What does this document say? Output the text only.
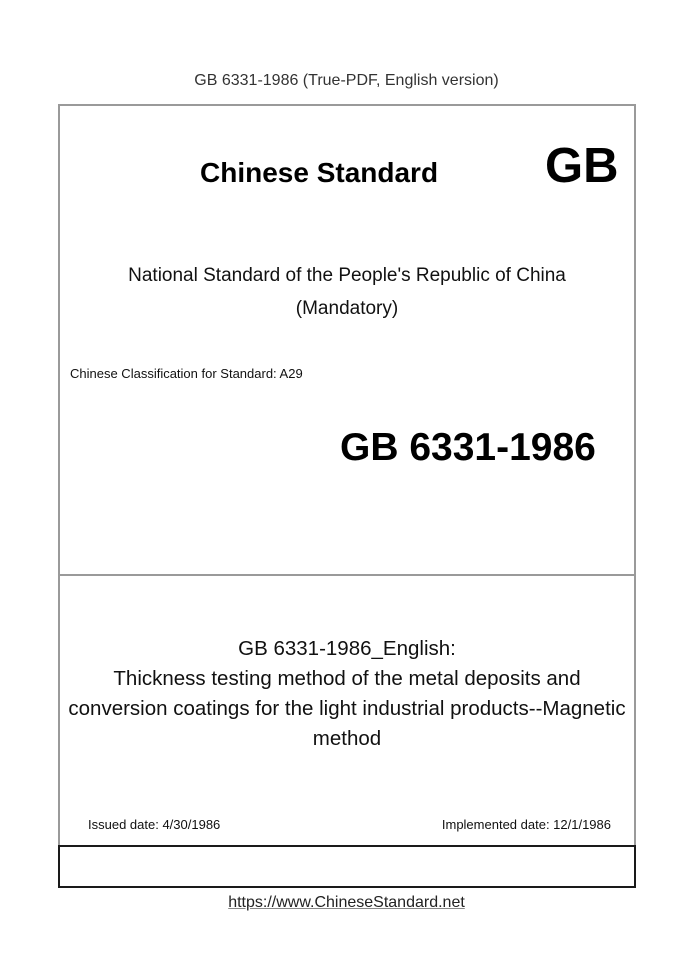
GB 6331-1986 (True-PDF, English version)
Chinese Standard GB
National Standard of the People's Republic of China
(Mandatory)
Chinese Classification for Standard: A29
GB 6331-1986
GB 6331-1986_English:
Thickness testing method of the metal deposits and
conversion coatings for the light industrial products--Magnetic
method
Issued date: 4/30/1986	Implemented date: 12/1/1986
https://www.ChineseStandard.net
